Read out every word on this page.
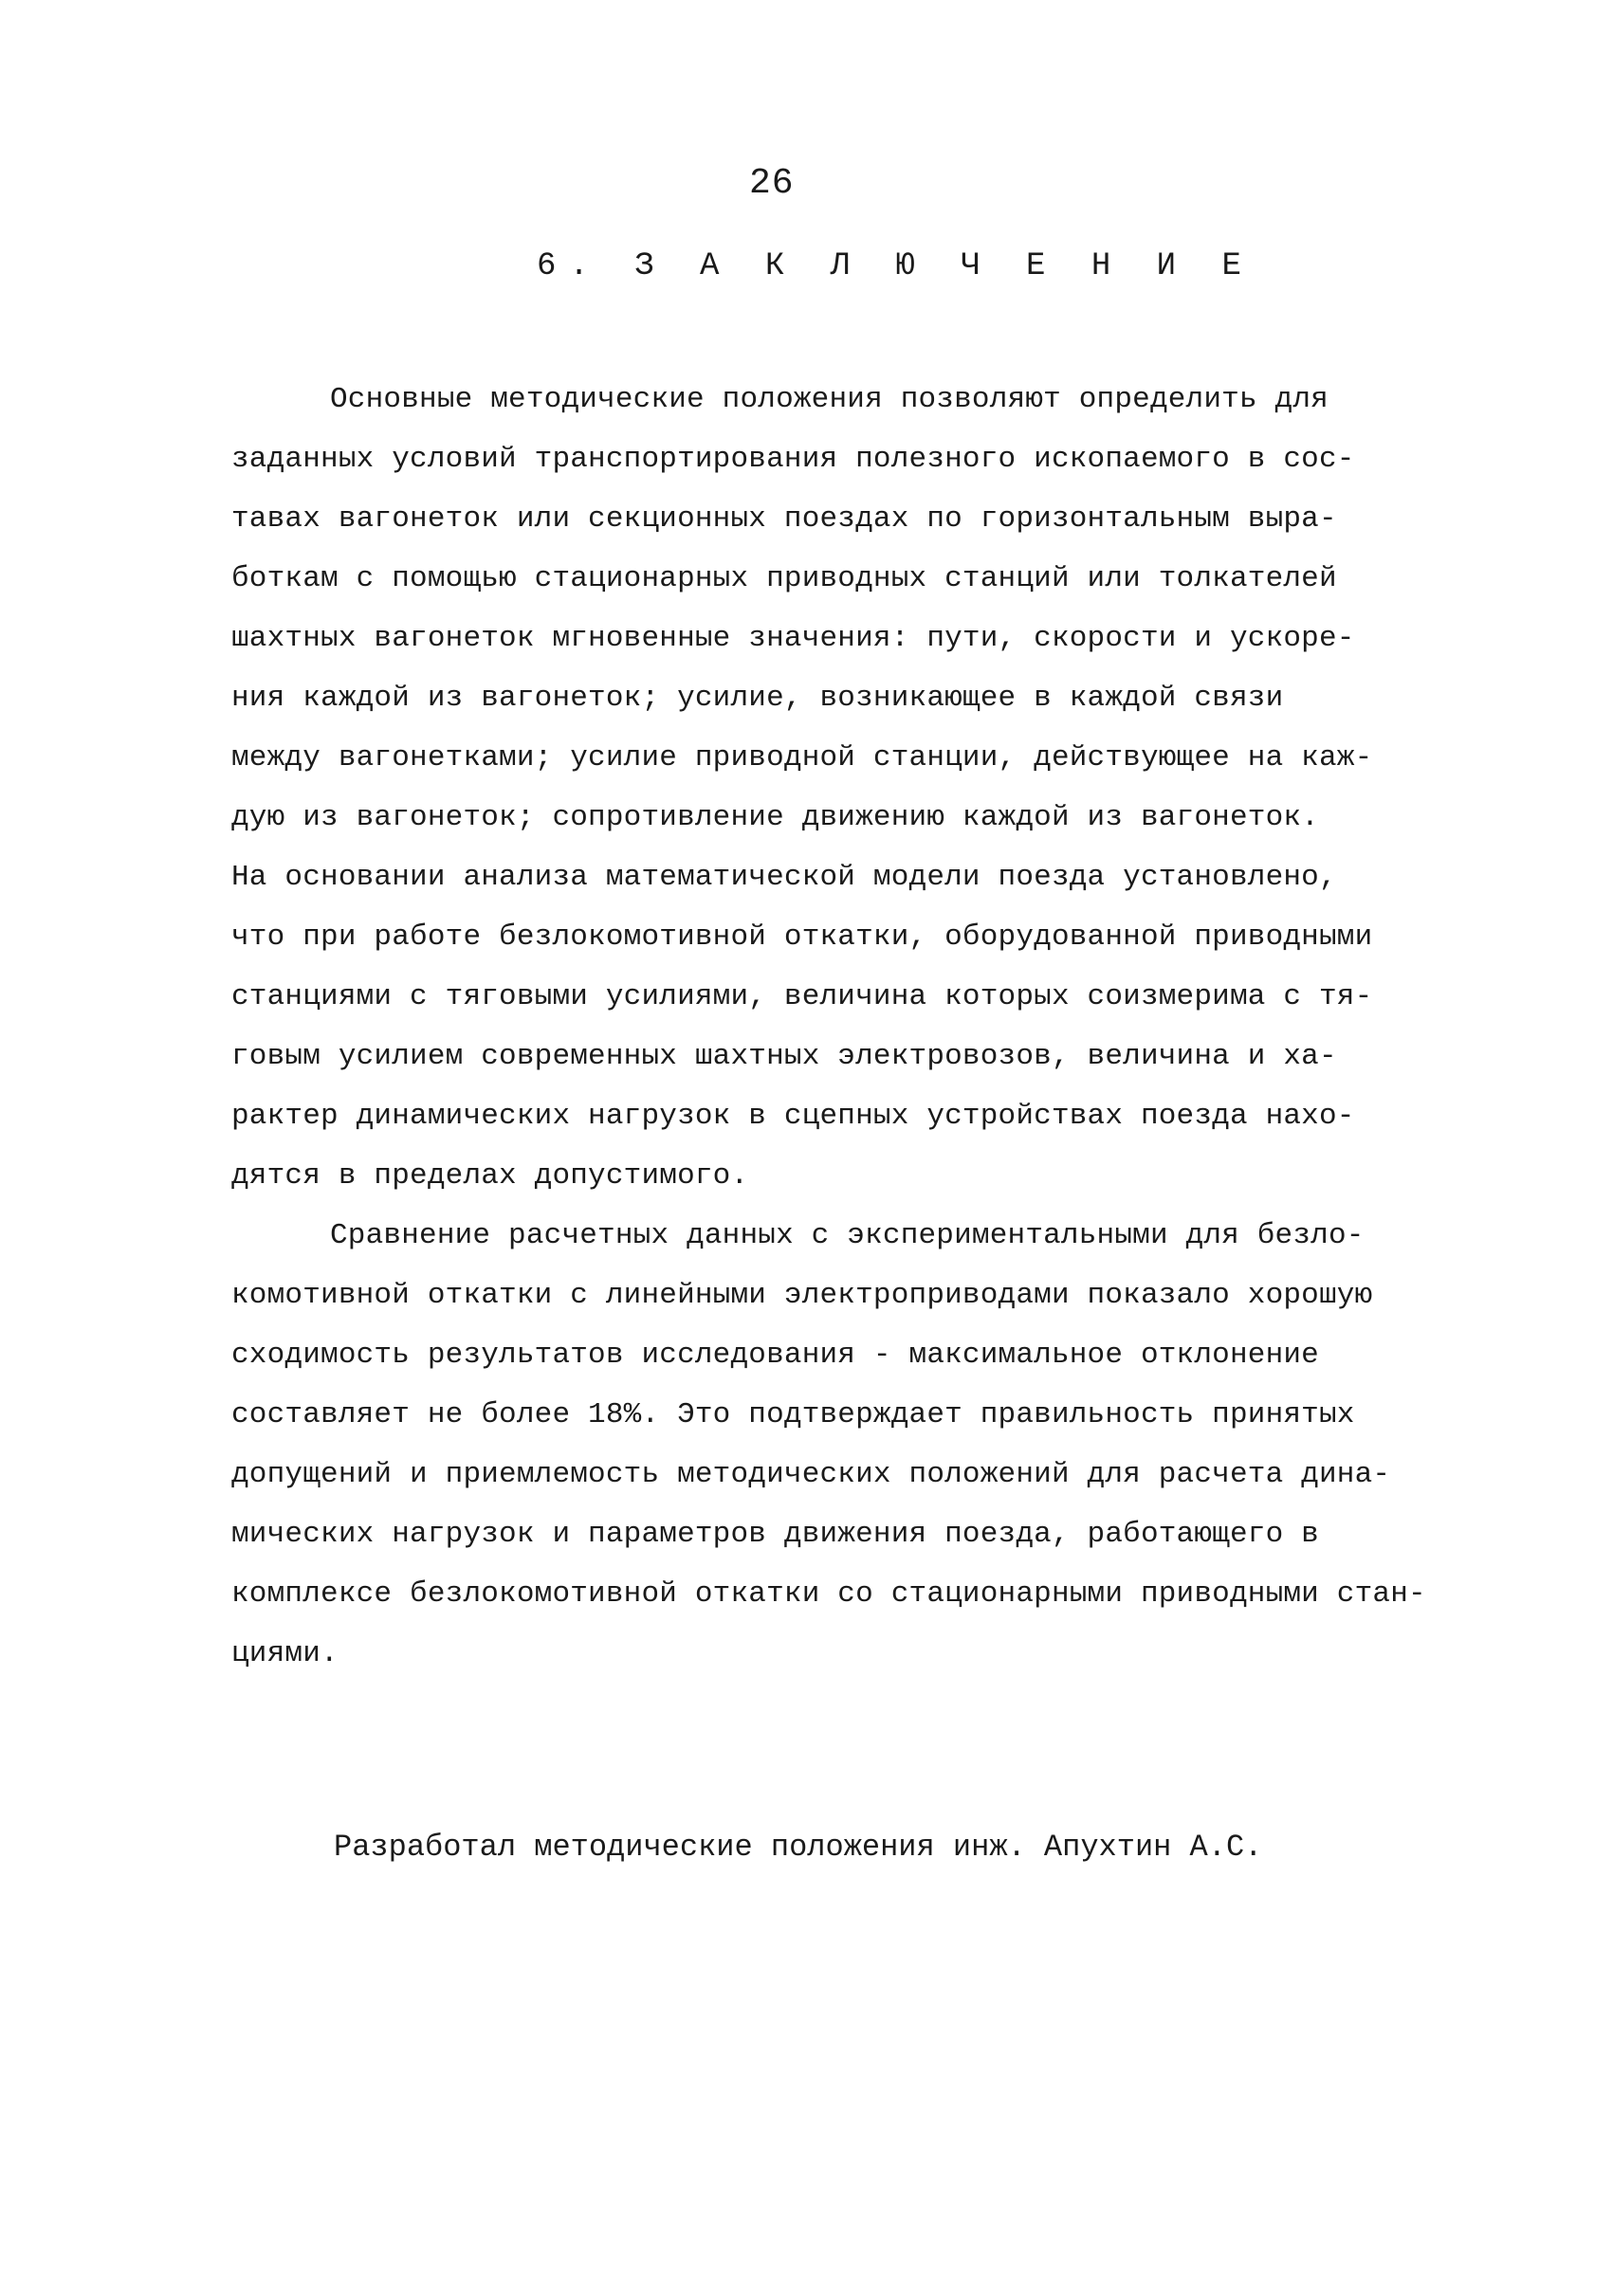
26
6. З А К Л Ю Ч Е Н И Е
Основные методические положения позволяют определить для
заданных условий транспортирования полезного ископаемого в сос-
тавах вагонеток или секционных поездах по горизонтальным выра-
боткам с помощью стационарных приводных станций или толкателей
шахтных вагонеток мгновенные значения: пути, скорости и ускоре-
ния каждой из вагонеток; усилие, возникающее в каждой связи
между вагонетками; усилие приводной станции, действующее на каж-
дую из вагонеток; сопротивление движению каждой из вагонеток.
На основании анализа математической модели поезда установлено,
что при работе безлокомотивной откатки, оборудованной приводными
станциями с тяговыми усилиями, величина которых соизмерима с тя-
говым усилием современных шахтных электровозов, величина и ха-
рактер динамических нагрузок в сцепных устройствах поезда нахо-
дятся в пределах допустимого.
Сравнение расчетных данных с экспериментальными для безло-
комотивной откатки с линейными электроприводами показало хорошую
сходимость результатов исследования - максимальное отклонение
составляет не более 18%. Это подтверждает правильность принятых
допущений и приемлемость методических положений для расчета дина-
мических нагрузок и параметров движения поезда, работающего в
комплексе безлокомотивной откатки со стационарными приводными стан-
циями.
Разработал методические положения инж. Апухтин А.С.
